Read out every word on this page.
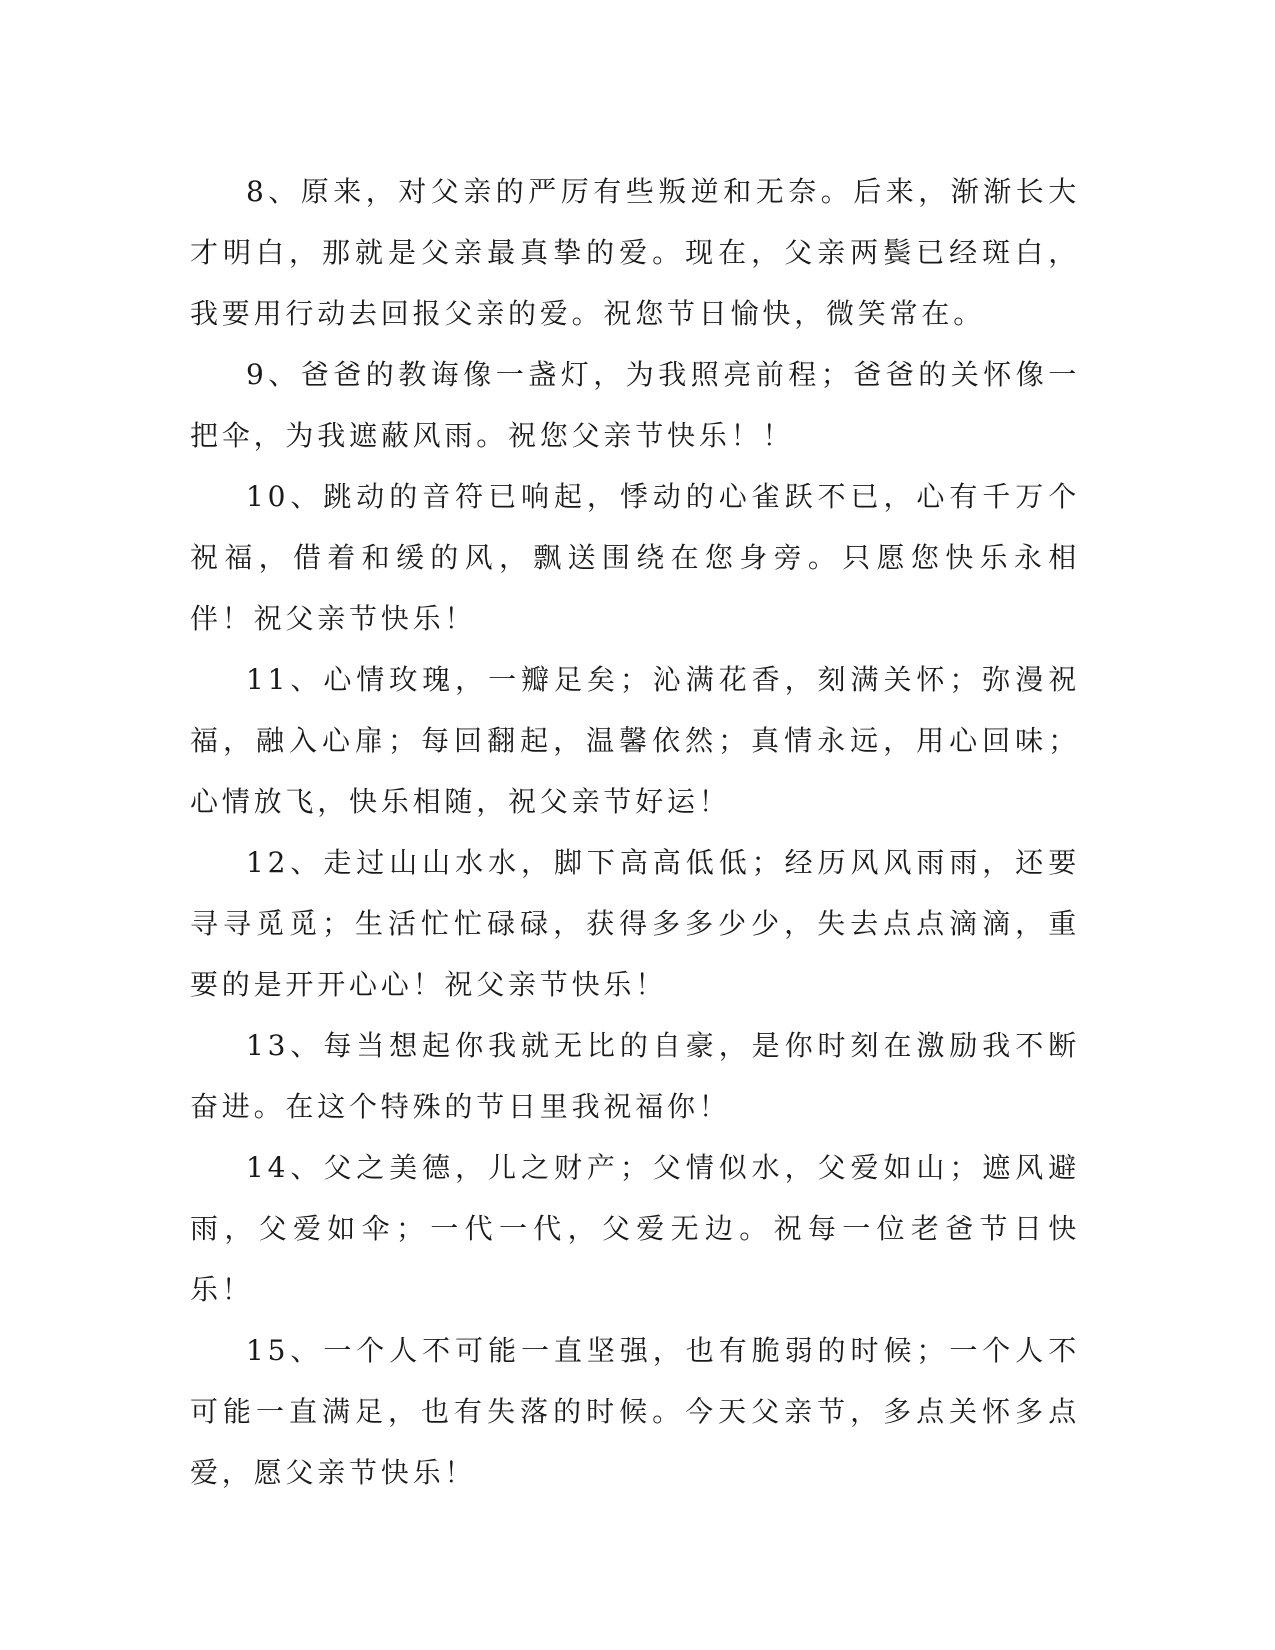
8、原来，对父亲的严厉有些叛逆和无奈。后来，渐渐长大才明白，那就是父亲最真挚的爱。现在，父亲两鬓已经斑白，我要用行动去回报父亲的爱。祝您节日愉快，微笑常在。

9、爸爸的教诲像一盏灯，为我照亮前程；爸爸的关怀像一把伞，为我遮蔽风雨。祝您父亲节快乐！！

10、跳动的音符已响起，悸动的心雀跃不已，心有千万个祝福，借着和缓的风，飘送围绕在您身旁。只愿您快乐永相伴！祝父亲节快乐！

11、心情玫瑰，一瓣足矣；沁满花香，刻满关怀；弥漫祝福，融入心扉；每回翻起，温馨依然；真情永远，用心回味；心情放飞，快乐相随，祝父亲节好运！

12、走过山山水水，脚下高高低低；经历风风雨雨，还要寻寻觅觅；生活忙忙碌碌，获得多多少少，失去点点滴滴，重要的是开开心心！祝父亲节快乐！

13、每当想起你我就无比的自豪，是你时刻在激励我不断奋进。在这个特殊的节日里我祝福你！

14、父之美德，儿之财产；父情似水，父爱如山；遮风避雨，父爱如伞；一代一代，父爱无边。祝每一位老爸节日快乐！

15、一个人不可能一直坚强，也有脆弱的时候；一个人不可能一直满足，也有失落的时候。今天父亲节，多点关怀多点爱，愿父亲节快乐！
